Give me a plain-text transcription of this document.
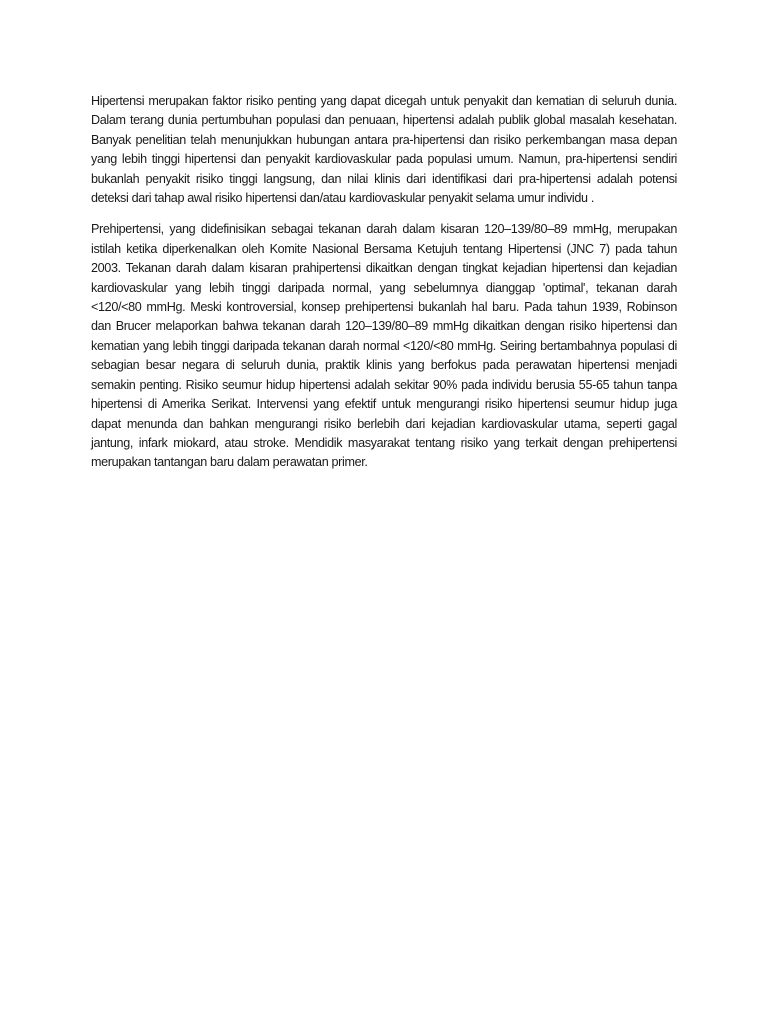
Hipertensi merupakan faktor risiko penting yang dapat dicegah untuk penyakit dan kematian di seluruh dunia. Dalam terang dunia pertumbuhan populasi dan penuaan, hipertensi adalah publik global masalah kesehatan. Banyak penelitian telah menunjukkan hubungan antara pra-hipertensi dan risiko perkembangan masa depan yang lebih tinggi hipertensi dan penyakit kardiovaskular pada populasi umum. Namun, pra-hipertensi sendiri bukanlah penyakit risiko tinggi langsung, dan nilai klinis dari identifikasi dari pra-hipertensi adalah potensi deteksi dari tahap awal risiko hipertensi dan/atau kardiovaskular penyakit selama umur individu .

Prehipertensi, yang didefinisikan sebagai tekanan darah dalam kisaran 120–139/80–89 mmHg, merupakan istilah ketika diperkenalkan oleh Komite Nasional Bersama Ketujuh tentang Hipertensi (JNC 7) pada tahun 2003. Tekanan darah dalam kisaran prahipertensi dikaitkan dengan tingkat kejadian hipertensi dan kejadian kardiovaskular yang lebih tinggi daripada normal, yang sebelumnya dianggap 'optimal', tekanan darah <120/<80 mmHg. Meski kontroversial, konsep prehipertensi bukanlah hal baru. Pada tahun 1939, Robinson dan Brucer melaporkan bahwa tekanan darah 120–139/80–89 mmHg dikaitkan dengan risiko hipertensi dan kematian yang lebih tinggi daripada tekanan darah normal <120/<80 mmHg. Seiring bertambahnya populasi di sebagian besar negara di seluruh dunia, praktik klinis yang berfokus pada perawatan hipertensi menjadi semakin penting. Risiko seumur hidup hipertensi adalah sekitar 90% pada individu berusia 55-65 tahun tanpa hipertensi di Amerika Serikat. Intervensi yang efektif untuk mengurangi risiko hipertensi seumur hidup juga dapat menunda dan bahkan mengurangi risiko berlebih dari kejadian kardiovaskular utama, seperti gagal jantung, infark miokard, atau stroke. Mendidik masyarakat tentang risiko yang terkait dengan prehipertensi merupakan tantangan baru dalam perawatan primer.
